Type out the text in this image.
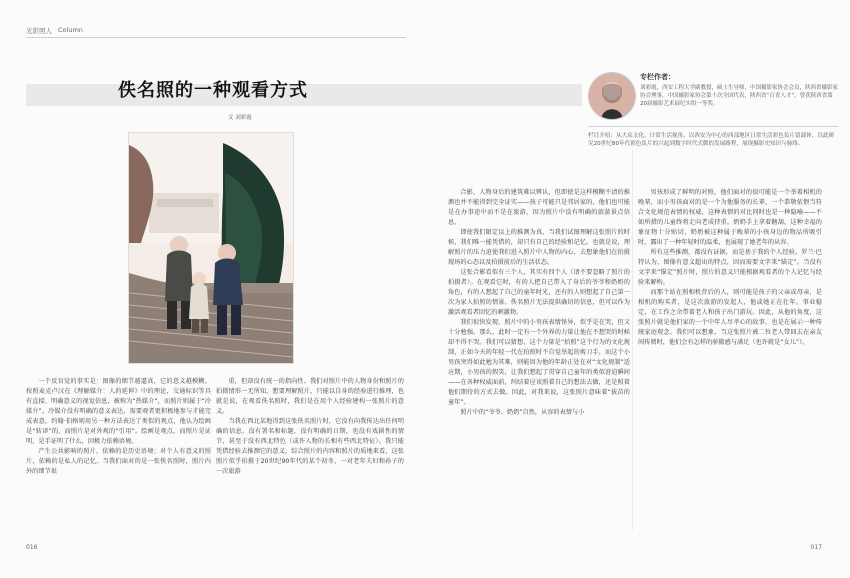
光影照人 Column

一个反盲觉的事实是：图像的细节越逼真，它的意义越模糊。按照麦克卢汉在《理解媒介：人的延伸》中的理论，交通标识等具有直接、明确意义的视觉信息，被称为“热媒介”，而照片则属于“冷媒介”。冷媒介没有明确的意义表达，需要观者更积极地参与才能完成表意，约翰·伯格则用另一种方法表达了类似的观点，他认为绘画是“转译”的，而照片是对外观的“引用”。绘画是观点，而照片是证明，是手证明了什么，因极力依赖语境。

产生公共影响的照片，依赖的是历史语境；对个人有意义的照片，依赖的是私人的记忆。当我们面对的是一张佚名照时，照片内外的细节很

重，但却没有统一的指向性。我们对照片中的人物身份和照片的拍摄情形一无所知，想要理解照片，只能以自身的经验进行推理，也就是说，在观看佚名照时，我们是在用个人经验建构一张照片的意义。

当我在西北某地得到这张佚名照片时，它没有向我传达出任何明确的信息。没有署名和标题，没有明确的日期，也没有戏剧性的情节，甚至于没有西北特色（或许人物的长相有些西北特征）。我只能凭借经验去推测它的意义，综合照片的内容和照片的质地来看，这张照片似乎拍摄于20世纪90年代的某个初冬，一对老年夫妇和孙子的一次旅游

016	017
佚名照的一种观看方式
文 刘彩霞
专栏作者：
刘彩霞，西安工程大学副教授，硕士生导师，中国摄影家协会会员，陕西省摄影家协会理事，中国摄影家协会第十次全国代表，陕西省“百青人才”，曾获陕西省第20届摄影艺术展纪实组一等奖。
栏目介绍：从大众文化、日常生活视角，以西安为中心的西部地区日常生活彩色负片留载体，以此研究20世纪80年代彩色负片的兴起到数字时代式微的发展路程，展现摄影史知识与脉络。

合影，人物身后的建筑难以辨认，但即使是这样模糊不清的推测也并不能得到完全证实——孩子可能只是邻居家的，他们也可能是在办事途中而不是在旅游，因为照片中没有明确的旅游景点信息。

即使我们限定以上的推测为真，当我们试图理解这张照片的时候，我们唯一能凭借的，却只有自己的经验和记忆。也就是说，理解照片的压力迫使我们进入照片中人物的内心，去想象他们在拍摄现场的心态以及拍摄前后的生活状态。

这张合影看似有三个人，其实有四个人（请不要忽略了照片的拍摄者）。在观看它时，有的人把自己带入了身后的爷爷和奶奶的角色，有的人想起了自己的童年时光，还有的人则想起了自己第一次为家人拍照的情景。佚名照片无法提供确切的信息，但可以作为激活观看者回忆的刺激物。

我们很快发现，照片中的小男孩表情怪异，似乎是在哭，但又十分勉强。那么，此时一定有一个外界的力量让他在不想哭的时候却不得不哭。我们可以猜想，这个力量是“拍照”这个行为的文化规制，正如今天的年轻一代在拍照时不自觉举起的剪刀手，而这个小男孩突得如此勉为其难，则能因为他的年龄正处在对“文化规制”适应期，小男孩的假笑，让我们想起了贯穿自己童年的类似窘迫瞬间——在各种权威面前，纠结着应该照着自己的想法去做，还是照着他们期待的方式去做。因此，对我来说，这张照片意味着“拔苗的童年”。

照片中的“爷爷、奶奶”自然，从容的表情与小

男孩形成了鲜明的对照，他们面对的很可能是一个举着相机的晚辈，而小男孩面对的是一个为他服务的长辈，一个恭敬依偎当符合文化规范表情的权威，这种表情的对比同时也是一种隐喻——不如所措的儿童终将走向老成持重。奶奶手上拿着糖葫，这种幸福的象征物十分贴切，奶奶被这种属于晚辈的小孩身边的物品所吸引时，露出了一种年轻时的温柔，也展现了她老年的从容。

所有这些推测，都没有证据，而是基于我的个人经验。罗兰·巴特认为，图像有意义超出的特点，因而需要文字来“锚定”。当没有文字来“锚定”照片时，照片的意义只能根据观看者的个人记忆与经验来解构。

而那个站在照相机背后的人，则可能是孩子的父亲或母亲，是相机的购买者，是这次旅游的发起人，他或她正在壮年，事业稳定，在工作之余带着老人和孩子出门游玩。因此，从他的角度，这张照片就是他们家的一个中年人尽孝心的故事，也是在展示一种传统家庭观念。我们可以想象，当这张照片被二位老人带回去在亲友间传阅时，他们会有怎样的骄傲感与满足（也许就是“女儿”）。
